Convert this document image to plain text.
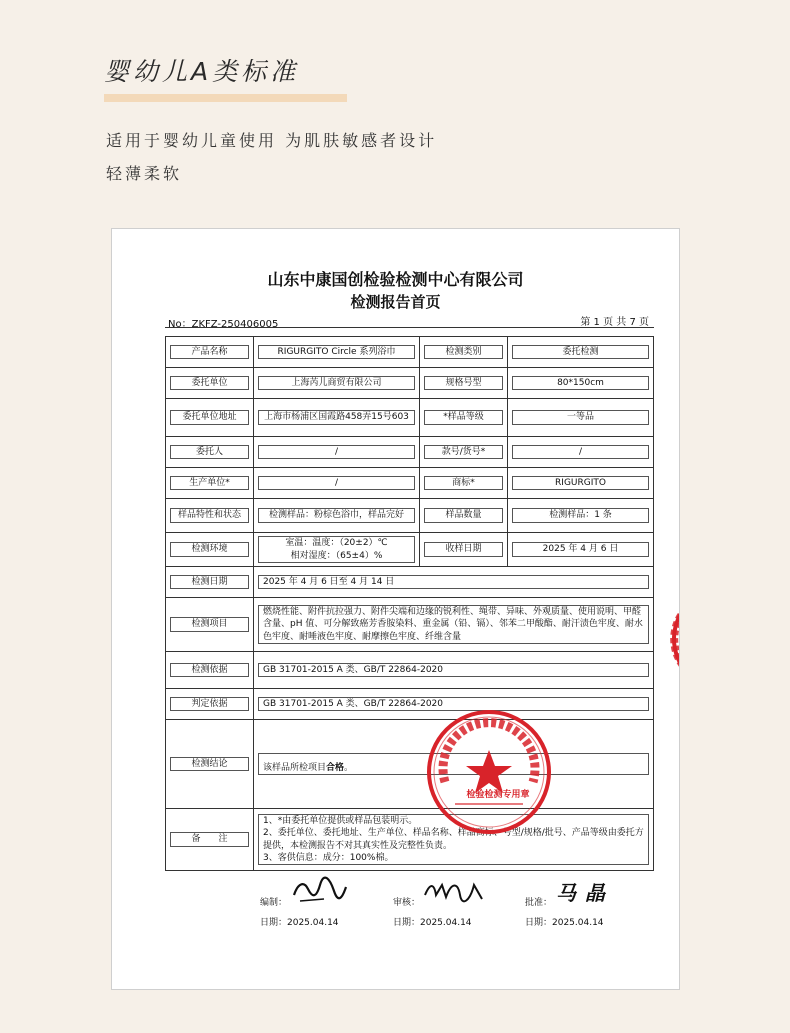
婴幼儿A类标准
适用于婴幼儿童使用 为肌肤敏感者设计
轻薄柔软
山东中康国创检验检测中心有限公司
检测报告首页
No：ZKFZ-250406005	第 1 页 共 7 页
产品名称	RIGURGITO Circle 系列浴巾	检测类别	委托检测

委托单位	上海芮儿商贸有限公司	规格号型	80*150cm

委托单位地址	上海市杨浦区国霞路458弄15号603	*样品等级	一等品

委托人	/	款号/货号*	/

生产单位*	/	商标*	RIGURGITO

样品特性和状态	检测样品：粉棕色浴巾，样品完好	样品数量	检测样品：1 条

检测环境	室温：温度：（20±2）℃
相对湿度：（65±4）%	收样日期	2025 年 4 月 6 日

检测日期	2025 年 4 月 6 日至 4 月 14 日		

检测项目	燃烧性能、附件抗拉强力、附件尖端和边缘的锐利性、绳带、异味、外观质量、使用说明、甲醛含量、pH 值、可分解致癌芳香胺染料、重金属（铅、镉）、邻苯二甲酸酯、耐汗渍色牢度、耐水色牢度、耐唾液色牢度、耐摩擦色牢度、纤维含量		

检测依据	GB 31701-2015 A 类、GB/T 22864-2020		

判定依据	GB 31701-2015 A 类、GB/T 22864-2020		

检测结论	该样品所检项目 合格 。		

备　　注	1、*由委托单位提供或样品包装明示。
2、委托单位、委托地址、生产单位、样品名称、样品商标、号型/规格/批号、产品等级由委托方提供，本检测报告不对其真实性及完整性负责。
3、客供信息：成分：100%棉。		
检验检测专用章
编制：
日期：2025.04.14
审核：
日期：2025.04.14
批准： 马 晶
日期：2025.04.14
